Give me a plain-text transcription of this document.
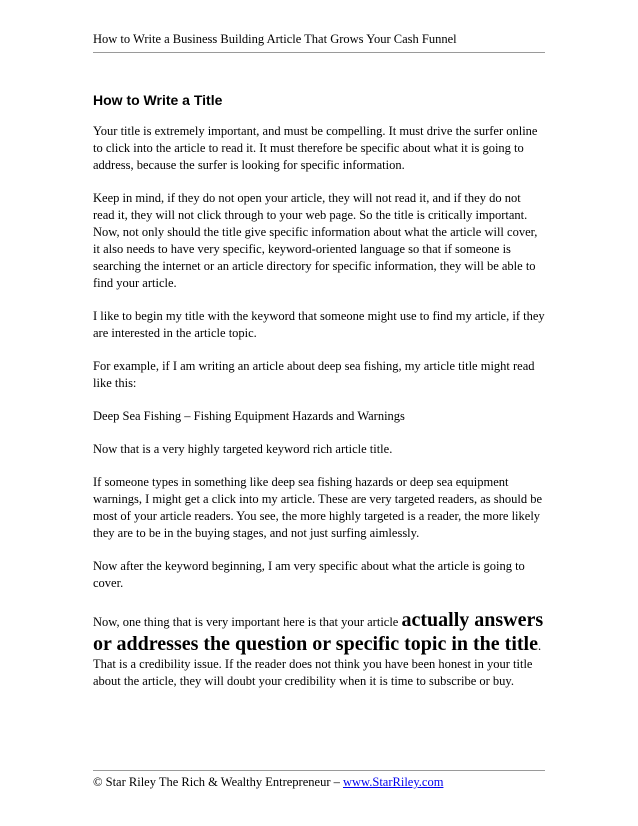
How to Write a Business Building Article That Grows Your Cash Funnel
How to Write a Title

Your title is extremely important, and must be compelling. It must drive the surfer online to click into the article to read it. It must therefore be specific about what it is going to address, because the surfer is looking for specific information.

Keep in mind, if they do not open your article, they will not read it, and if they do not read it, they will not click through to your web page. So the title is critically important. Now, not only should the title give specific information about what the article will cover, it also needs to have very specific, keyword-oriented language so that if someone is searching the internet or an article directory for specific information, they will be able to find your article.

I like to begin my title with the keyword that someone might use to find my article, if they are interested in the article topic.

For example, if I am writing an article about deep sea fishing, my article title might read like this:

Deep Sea Fishing – Fishing Equipment Hazards and Warnings

Now that is a very highly targeted keyword rich article title.

If someone types in something like deep sea fishing hazards or deep sea equipment warnings, I might get a click into my article. These are very targeted readers, as should be most of your article readers. You see, the more highly targeted is a reader, the more likely they are to be in the buying stages, and not just surfing aimlessly.

Now after the keyword beginning, I am very specific about what the article is going to cover.

Now, one thing that is very important here is that your article actually answers or addresses the question or specific topic in the title.

That is a credibility issue. If the reader does not think you have been honest in your title about the article, they will doubt your credibility when it is time to subscribe or buy.

© Star Riley The Rich & Wealthy Entrepreneur – www.StarRiley.com
